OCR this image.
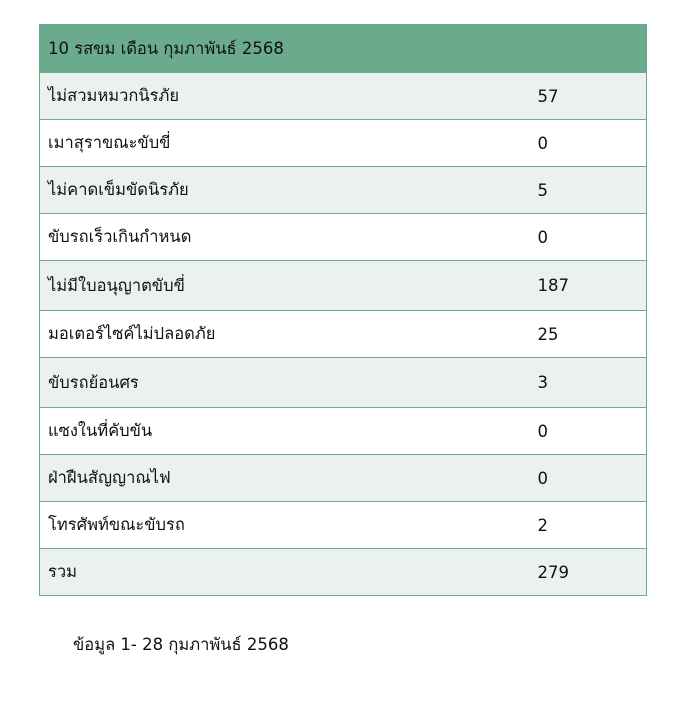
10 รสขม เดือน กุมภาพันธ์ 2568	
ไม่สวมหมวกนิรภัย	57
เมาสุราขณะขับขี่	0
ไม่คาดเข็มขัดนิรภัย	5
ขับรถเร็วเกินกำหนด	0
ไม่มีใบอนุญาตขับขี่	187
มอเตอร์ไซค์ไม่ปลอดภัย	25
ขับรถย้อนศร	3
แซงในที่คับขัน	0
ฝ่าฝืนสัญญาณไฟ	0
โทรศัพท์ขณะขับรถ	2
รวม	279
ข้อมูล 1- 28 กุมภาพันธ์ 2568
